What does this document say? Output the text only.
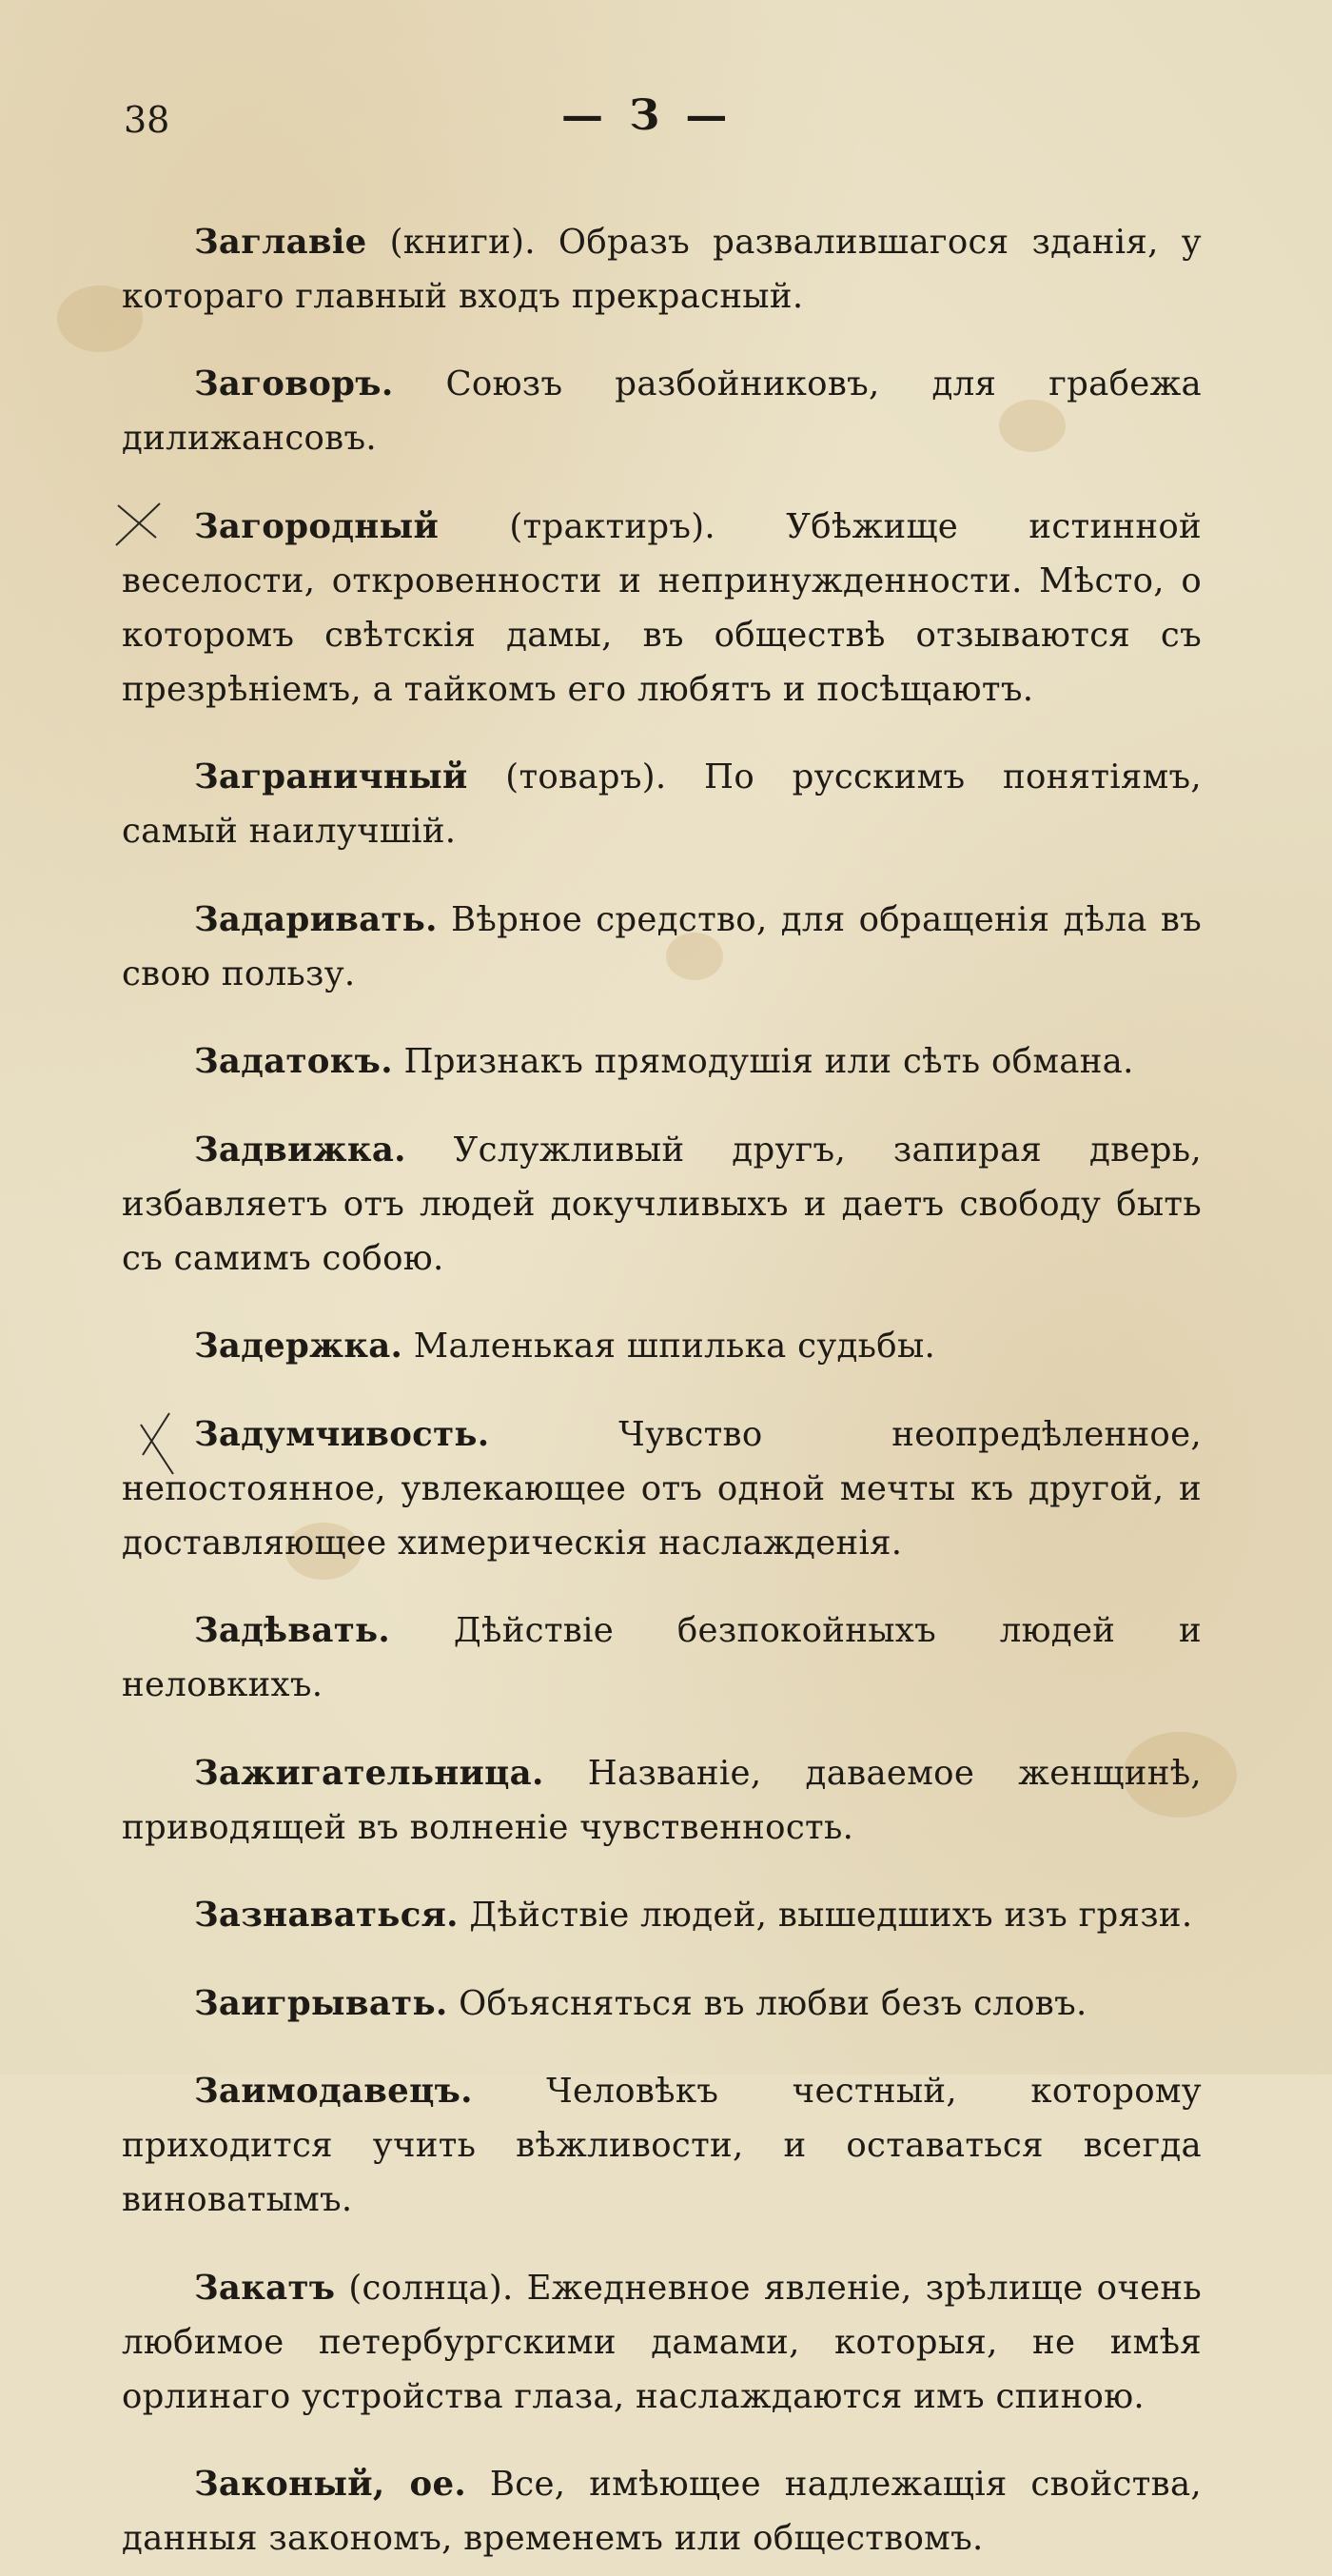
38	— З —

Заглавіе (книги). Образъ развалившагося зданія, у котораго главный входъ прекрасный.

Заговоръ. Союзъ разбойниковъ, для грабежа дилижансовъ.

Загородный (трактиръ). Убѣжище истинной веселости, откровенности и непринужденности. Мѣсто, о которомъ свѣтскія дамы, въ обществѣ отзываются съ презрѣніемъ, а тайкомъ его любятъ и посѣщаютъ.

Заграничный (товаръ). По русскимъ понятіямъ, самый наилучшій.

Задаривать. Вѣрное средство, для обращенія дѣла въ свою пользу.

Задатокъ. Признакъ прямодушія или сѣть обмана.

Задвижка. Услужливый другъ, запирая дверь, избавляетъ отъ людей докучливыхъ и даетъ свободу быть съ самимъ собою.

Задержка. Маленькая шпилька судьбы.

Задумчивость. Чувство неопредѣленное, непостоянное, увлекающее отъ одной мечты къ другой, и доставляющее химерическія наслажденія.

Задѣвать. Дѣйствіе безпокойныхъ людей и неловкихъ.

Зажигательница. Названіе, даваемое женщинѣ, приводящей въ волненіе чувственность.

Зазнаваться. Дѣйствіе людей, вышедшихъ изъ грязи.

Заигрывать. Объясняться въ любви безъ словъ.

Заимодавецъ. Человѣкъ честный, которому приходится учить вѣжливости, и оставаться всегда виноватымъ.

Закатъ (солнца). Ежедневное явленіе, зрѣлище очень любимое петербургскими дамами, которыя, не имѣя орлинаго устройства глаза, наслаждаются имъ спиною.

Законый, ое. Все, имѣющее надлежащія свойства, данныя закономъ, временемъ или обществомъ.
